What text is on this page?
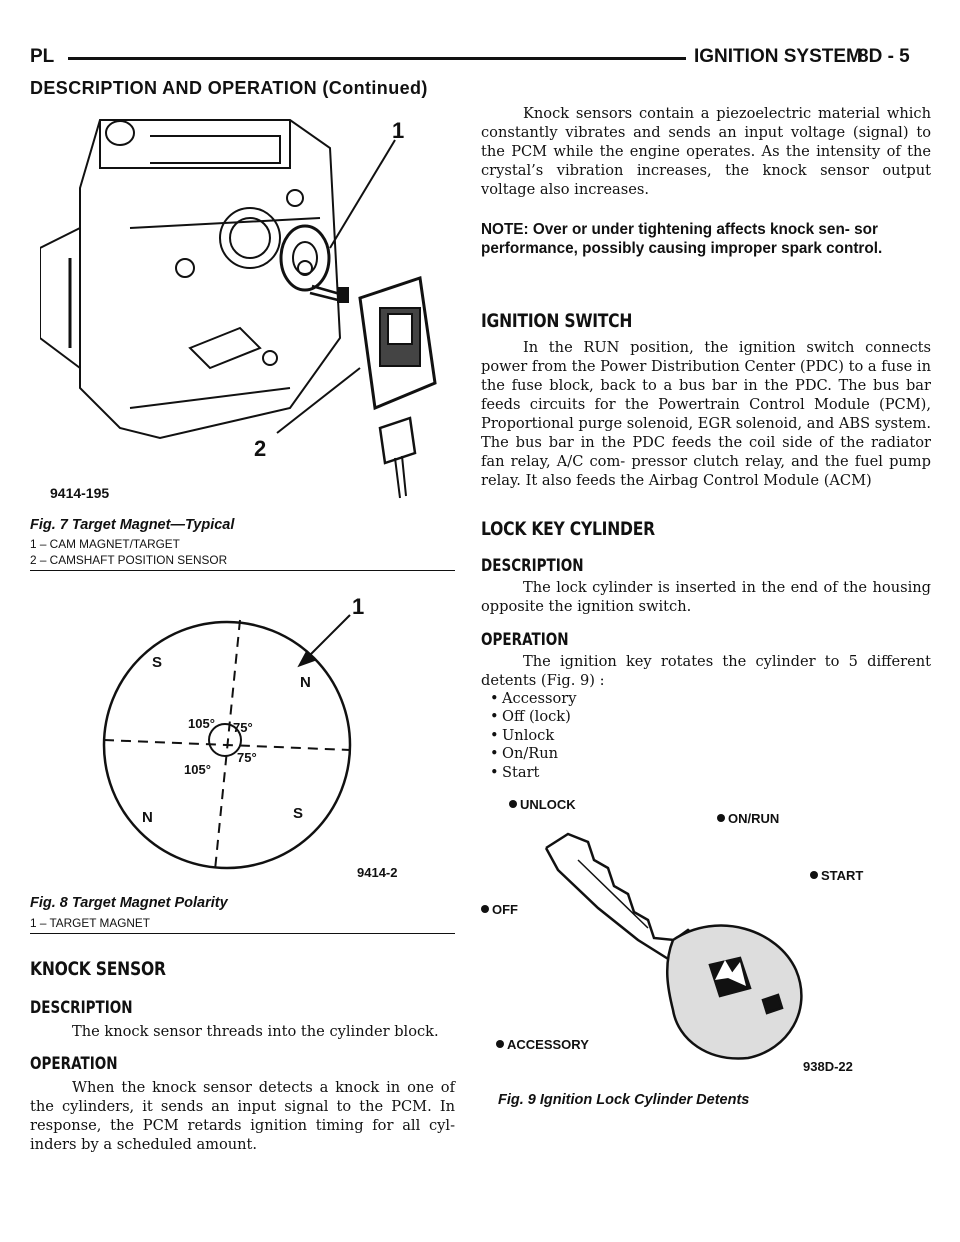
PL	IGNITION SYSTEM
8D - 5
DESCRIPTION AND OPERATION (Continued)
1
2
9414-195
Fig. 7 Target Magnet—Typical
1 – CAM MAGNET/TARGET
2 – CAMSHAFT POSITION SENSOR
1
S
N
N	S
105° 75°
105°
75°
9414-2
Fig. 8 Target Magnet Polarity
1 – TARGET MAGNET
KNOCK SENSOR
DESCRIPTION

The knock sensor threads into the cylinder block.

OPERATION

When the knock sensor detects a knock in one of the cylinders, it sends an input signal to the PCM. In response, the PCM retards ignition timing for all cyl- inders by a scheduled amount.

Knock sensors contain a piezoelectric material which constantly vibrates and sends an input voltage (signal) to the PCM while the engine operates. As the intensity of the crystal’s vibration increases, the knock sensor output voltage also increases.

NOTE: Over or under tightening affects knock sen- sor performance, possibly causing improper spark control.
IGNITION SWITCH

In the RUN position, the ignition switch connects power from the Power Distribution Center (PDC) to a fuse in the fuse block, back to a bus bar in the PDC. The bus bar feeds circuits for the Powertrain Control Module (PCM), Proportional purge solenoid, EGR solenoid, and ABS system. The bus bar in the PDC feeds the coil side of the radiator fan relay, A/C com- pressor clutch relay, and the fuel pump relay. It also feeds the Airbag Control Module (ACM)

LOCK KEY CYLINDER
DESCRIPTION

The lock cylinder is inserted in the end of the housing opposite the ignition switch.

OPERATION

The ignition key rotates the cylinder to 5 different detents (Fig. 9) :

• Accessory
• Off (lock)
• Unlock
• On/Run
• Start
UNLOCK
ON/RUN
START
OFF
ACCESSORY
938D-22
Fig. 9 Ignition Lock Cylinder Detents
